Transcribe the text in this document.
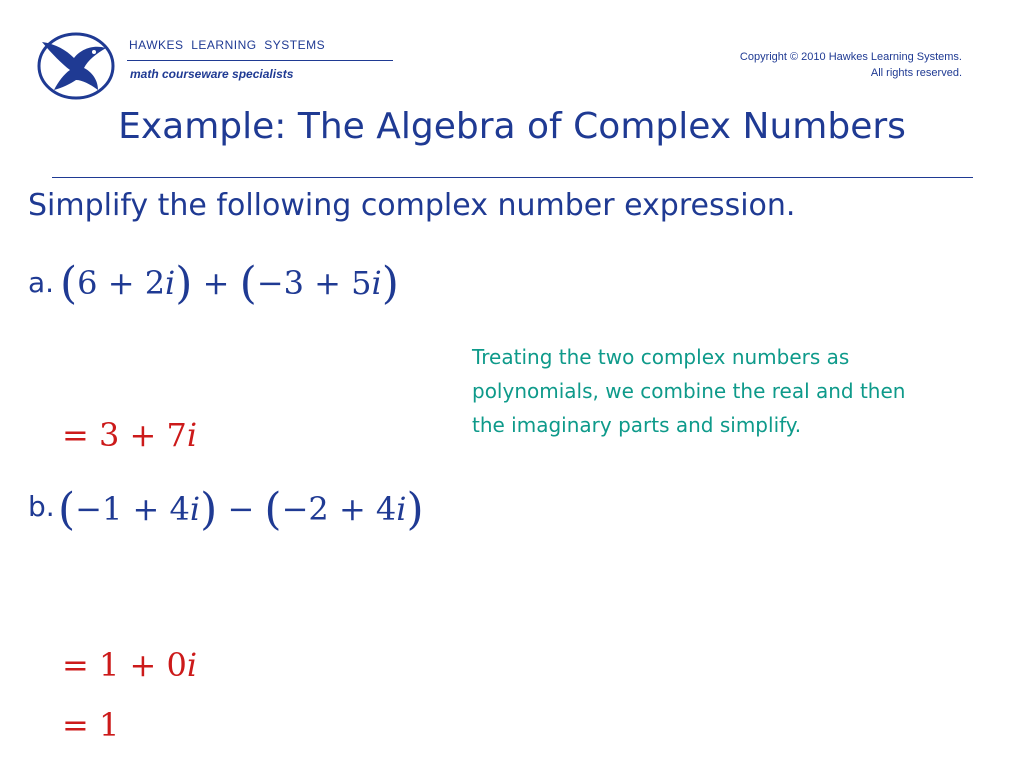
HAWKES  LEARNING  SYSTEMS
math courseware specialists
Copyright © 2010 Hawkes Learning Systems.
All rights reserved.
Example: The Algebra of Complex Numbers
Simplify the following complex number expression.
a. (6 + 2i) + (−3 + 5i)
= 3 + 7i
Treating the two complex numbers as polynomials, we combine the real and then the imaginary parts and simplify.
b. (−1 + 4i) − (−2 + 4i)
= 1 + 0i
= 1
